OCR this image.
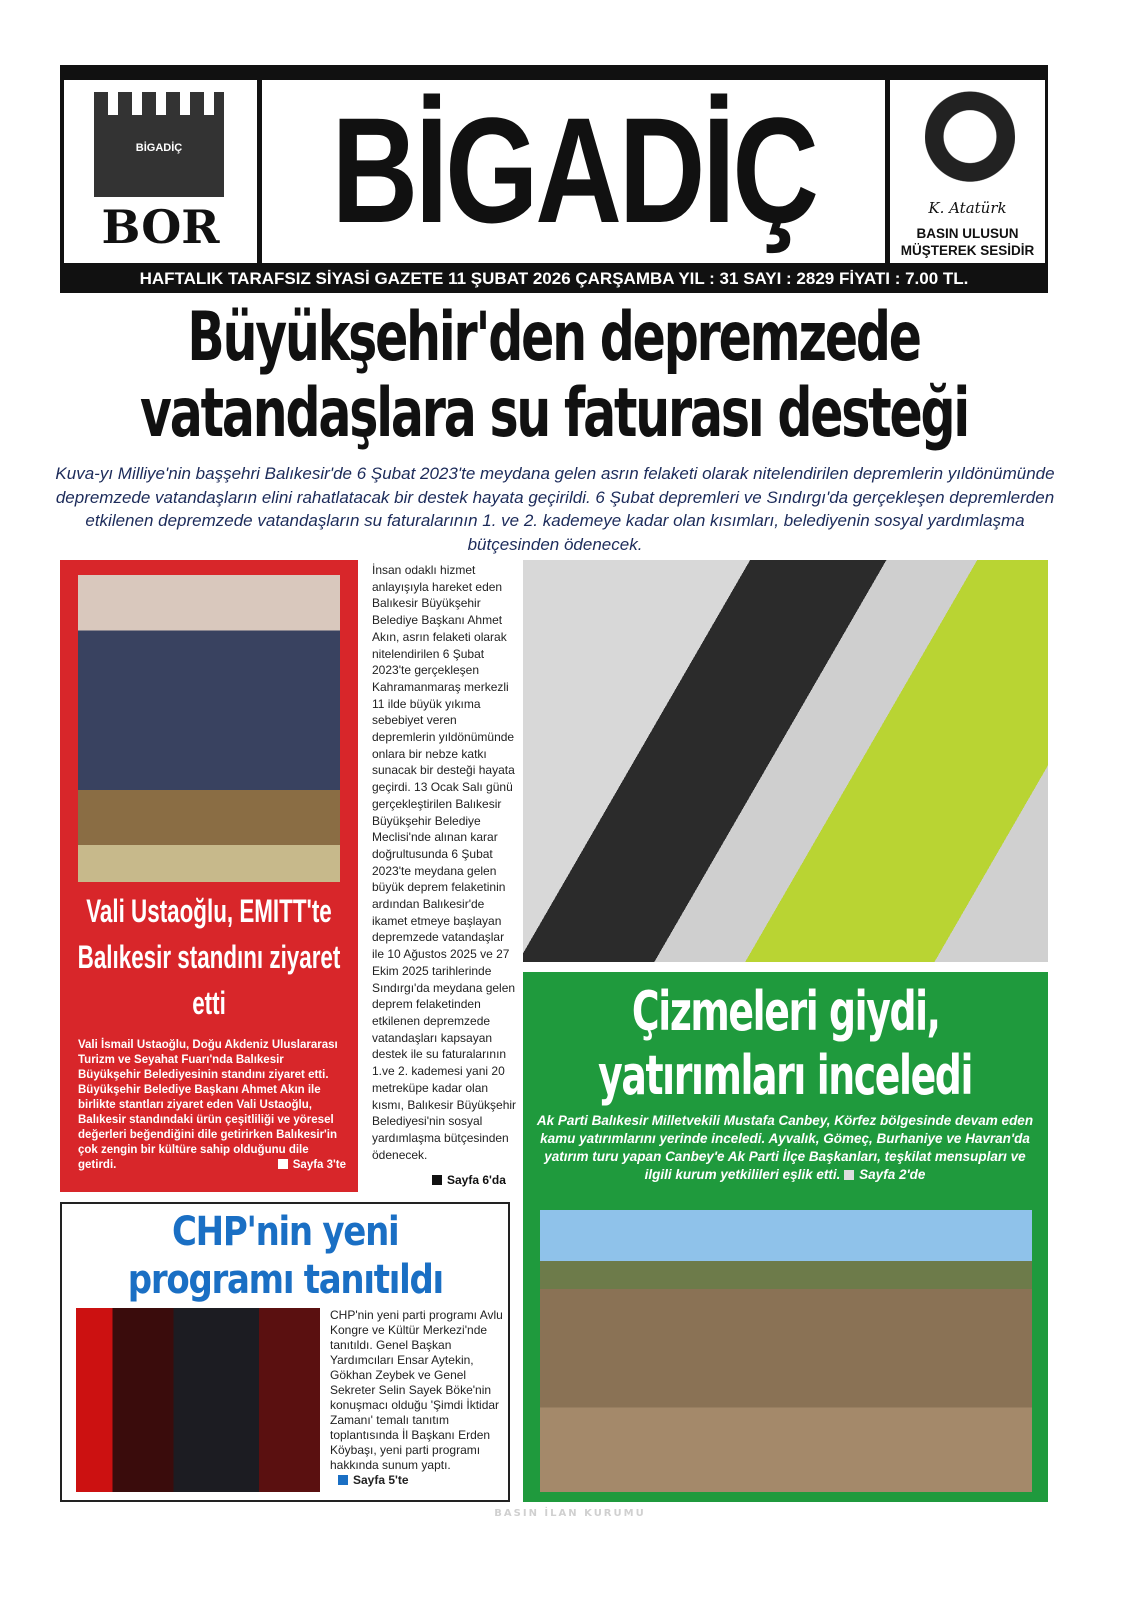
BİGADİÇ
BOR BİGADİÇ	K. Atatürk
BASIN ULUSUN MÜŞTEREK SESİDİR
HAFTALIK TARAFSIZ SİYASİ GAZETE 11 ŞUBAT 2026 ÇARŞAMBA YIL : 31 SAYI : 2829 FİYATI : 7.00 TL.
Büyükşehir'den depremzede
vatandaşlara su faturası desteği
Kuva-yı Milliye'nin başşehri Balıkesir'de 6 Şubat 2023'te meydana gelen asrın felaketi olarak nitelendirilen depremlerin yıldönümünde depremzede vatandaşların elini rahatlatacak bir destek hayata geçirildi. 6 Şubat depremleri ve Sındırgı'da gerçekleşen depremlerden etkilenen depremzede vatandaşların su faturalarının 1. ve 2. kademeye kadar olan kısımları, belediyenin sosyal yardımlaşma bütçesinden ödenecek.
Vali Ustaoğlu, EMITT'te Balıkesir standını ziyaret etti
Vali İsmail Ustaoğlu, Doğu Akdeniz Uluslararası Turizm ve Seyahat Fuarı'nda Balıkesir Büyükşehir Belediyesinin standını ziyaret etti. Büyükşehir Belediye Başkanı Ahmet Akın ile birlikte stantları ziyaret eden Vali Ustaoğlu, Balıkesir standındaki ürün çeşitliliği ve yöresel değerleri beğendiğini dile getirirken Balıkesir'in çok zengin bir kültüre sahip olduğunu dile getirdi.	Sayfa 3'te
İnsan odaklı hizmet anlayışıyla hareket eden Balıkesir Büyükşehir Belediye Başkanı Ahmet Akın, asrın felaketi olarak nitelendirilen 6 Şubat 2023'te gerçekleşen Kahramanmaraş merkezli 11 ilde büyük yıkıma sebebiyet veren depremlerin yıldönümünde onlara bir nebze katkı sunacak bir desteği hayata geçirdi. 13 Ocak Salı günü gerçekleştirilen Balıkesir Büyükşehir Belediye Meclisi'nde alınan karar doğrultusunda 6 Şubat 2023'te meydana gelen büyük deprem felaketinin ardından Balıkesir'de ikamet etmeye başlayan depremzede vatandaşlar ile 10 Ağustos 2025 ve 27 Ekim 2025 tarihlerinde Sındırgı'da meydana gelen deprem felaketinden etkilenen depremzede vatandaşları kapsayan destek ile su faturalarının 1.ve 2. kademesi yani 20 metreküpe kadar olan kısmı, Balıkesir Büyükşehir Belediyesi'nin sosyal yardımlaşma bütçesinden ödenecek.
Sayfa 6'da
Çizmeleri giydi,
yatırımları inceledi
Ak Parti Balıkesir Milletvekili Mustafa Canbey, Körfez bölgesinde devam eden kamu yatırımlarını yerinde inceledi. Ayvalık, Gömeç, Burhaniye ve Havran'da yatırım turu yapan Canbey'e Ak Parti İlçe Başkanları, teşkilat mensupları ve ilgili kurum yetkilileri eşlik etti. Sayfa 2'de
CHP'nin yeni
programı tanıtıldı
CHP'nin yeni parti programı Avlu Kongre ve Kültür Merkezi'nde tanıtıldı. Genel Başkan Yardımcıları Ensar Aytekin, Gökhan Zeybek ve Genel Sekreter Selin Sayek Böke'nin konuşmacı olduğu 'Şimdi İktidar Zamanı' temalı tanıtım toplantısında İl Başkanı Erden Köybaşı, yeni parti programı hakkında sunum yaptı. Sayfa 5'te
BASIN İLAN KURUMU
